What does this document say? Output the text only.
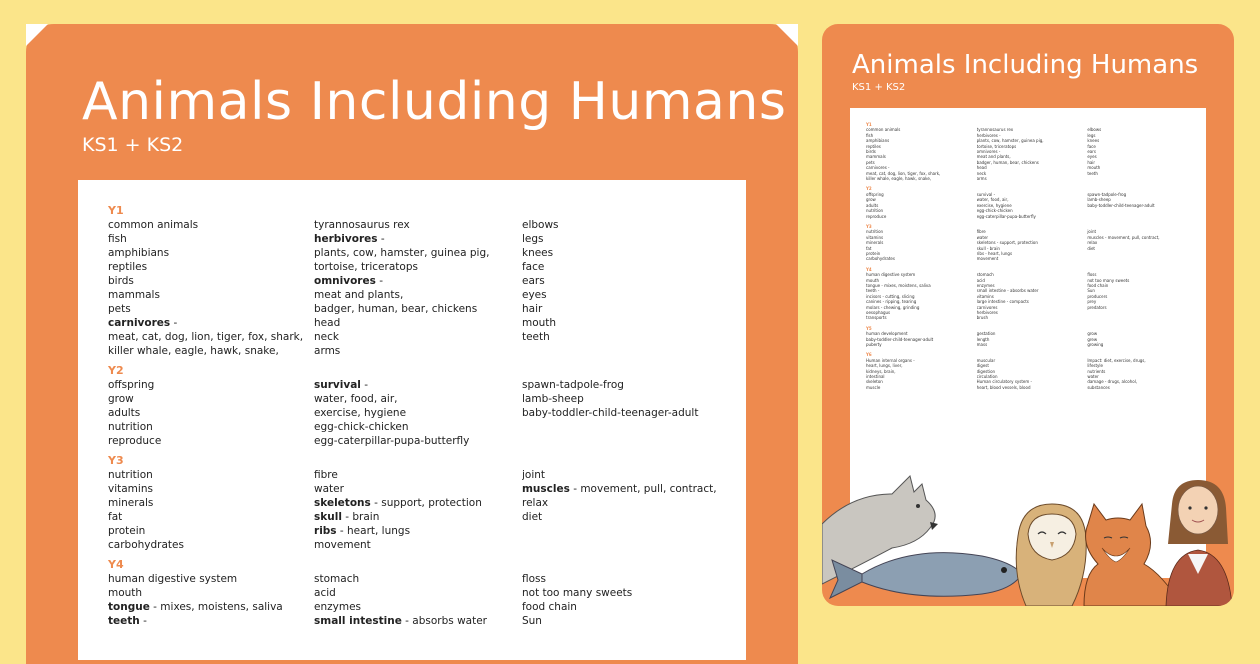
Animals Including Humans
KS1 + KS2
Y1
common animals
fish
amphibians
reptiles
birds
mammals
pets
carnivores -
meat, cat, dog, lion, tiger, fox, shark,
killer whale, eagle, hawk, snake,
tyrannosaurus rex
herbivores -
plants, cow, hamster, guinea pig,
tortoise, triceratops
omnivores -
meat and plants,
badger, human, bear, chickens
head
neck
arms
elbows
legs
knees
face
ears
eyes
hair
mouth
teeth
Y2
offspring
grow
adults
nutrition
reproduce
survival -
water, food, air,
exercise, hygiene
egg-chick-chicken
egg-caterpillar-pupa-butterfly
spawn-tadpole-frog
lamb-sheep
baby-toddler-child-teenager-adult
Y3
nutrition
vitamins
minerals
fat
protein
carbohydrates
fibre
water
skeletons - support, protection
skull - brain
ribs - heart, lungs
movement
joint
muscles - movement, pull, contract,
relax
diet
Y4
human digestive system
mouth
tongue - mixes, moistens, saliva
teeth -
stomach
acid
enzymes
small intestine - absorbs water
floss
not too many sweets
food chain
Sun
Animals Including Humans
KS1 + KS2
Y1
common animals
fish
amphibians
reptiles
birds
mammals
pets
carnivores -
meat, cat, dog, lion, tiger, fox, shark,
killer whale, eagle, hawk, snake,
tyrannosaurus rex
herbivores -
plants, cow, hamster, guinea pig,
tortoise, triceratops
omnivores -
meat and plants,
badger, human, bear, chickens
head
neck
arms
elbows
legs
knees
face
ears
eyes
hair
mouth
teeth
Y2
offspring
grow
adults
nutrition
reproduce
survival -
water, food, air,
exercise, hygiene
egg-chick-chicken
egg-caterpillar-pupa-butterfly
spawn-tadpole-frog
lamb-sheep
baby-toddler-child-teenager-adult
Y3
nutrition
vitamins
minerals
fat
protein
carbohydrates
fibre
water
skeletons - support, protection
skull - brain
ribs - heart, lungs
movement
joint
muscles - movement, pull, contract,
relax
diet
Y4
human digestive system
mouth
tongue - mixes, moistens, saliva
teeth -
incisors - cutting, slicing
canines - ripping, tearing
molars - chewing, grinding
oesophagus
transports
stomach
acid
enzymes
small intestine - absorbs water
vitamins
large intestine - compacts
carnivores
herbivores
brush
floss
not too many sweets
food chain
Sun
producers
prey
predators
Y5
human development
baby-toddler-child-teenager-adult
puberty
gestation
length
mass
grow
grew
growing
Y6
Human internal organs -
heart, lungs, liver,
kidneys, brain,
intestinal
skeleton
muscle
muscular
digest
digestion
circulation
Human circulatory system -
heart, blood vessels, blood
Impact: diet, exercise, drugs,
lifestyle
nutrients
water
damage - drugs, alcohol,
substances
